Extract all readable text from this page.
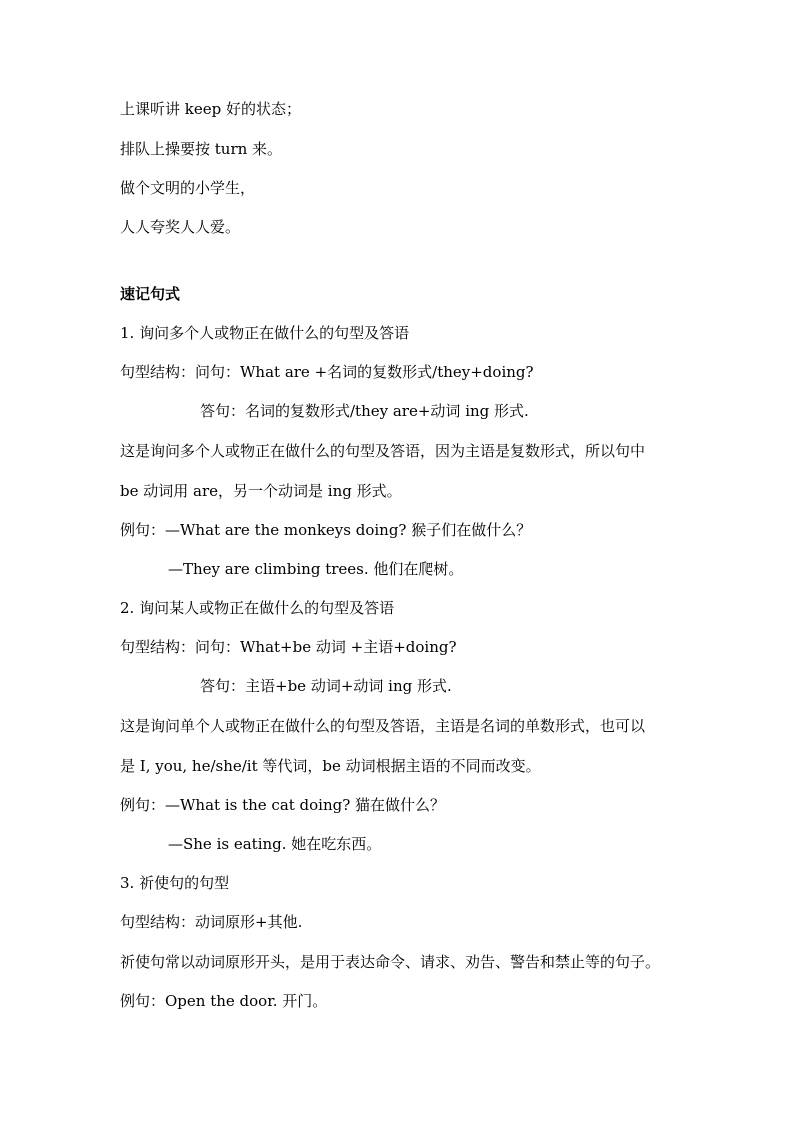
上课听讲 keep 好的状态；
排队上操要按 turn 来。
做个文明的小学生，
人人夸奖人人爱。
速记句式
1. 询问多个人或物正在做什么的句型及答语
句型结构：问句：What are +名词的复数形式/they+doing?
答句：名词的复数形式/they are+动词 ing 形式.
这是询问多个人或物正在做什么的句型及答语，因为主语是复数形式，所以句中
be 动词用 are，另一个动词是 ing 形式。
例句：—What are the monkeys doing? 猴子们在做什么？
—They are climbing trees. 他们在爬树。
2. 询问某人或物正在做什么的句型及答语
句型结构：问句：What+be 动词 +主语+doing?
答句：主语+be 动词+动词 ing 形式.
这是询问单个人或物正在做什么的句型及答语，主语是名词的单数形式，也可以
是 I, you, he/she/it 等代词，be 动词根据主语的不同而改变。
例句：—What is the cat doing? 猫在做什么？
—She is eating. 她在吃东西。
3. 祈使句的句型
句型结构：动词原形+其他.
祈使句常以动词原形开头，是用于表达命令、请求、劝告、警告和禁止等的句子。
例句：Open the door. 开门。
